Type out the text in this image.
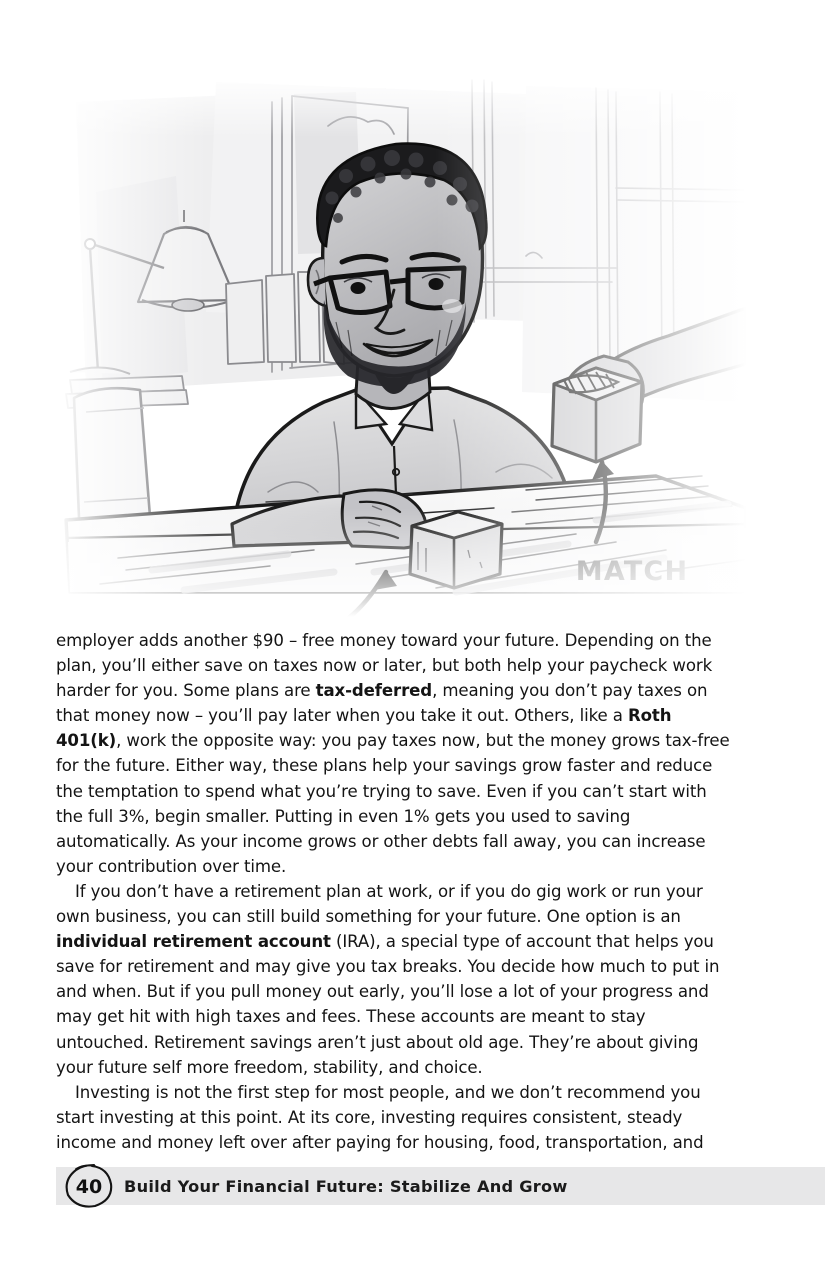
employer adds another $90 – free money toward your future. Depending on the plan, you’ll either save on taxes now or later, but both help your paycheck work harder for you. Some plans are tax-deferred, meaning you don’t pay taxes on that money now – you’ll pay later when you take it out. Others, like a Roth 401(k), work the opposite way: you pay taxes now, but the money grows tax-free for the future. Either way, these plans help your savings grow faster and reduce the temptation to spend what you’re trying to save. Even if you can’t start with the full 3%, begin smaller. Putting in even 1% gets you used to saving automatically. As your income grows or other debts fall away, you can increase your contribution over time.

If you don’t have a retirement plan at work, or if you do gig work or run your own business, you can still build something for your future. One option is an individual retirement account (IRA), a special type of account that helps you save for retirement and may give you tax breaks. You decide how much to put in and when. But if you pull money out early, you’ll lose a lot of your progress and may get hit with high taxes and fees. These accounts are meant to stay untouched. Retirement savings aren’t just about old age. They’re about giving your future self more freedom, stability, and choice.

Investing is not the first step for most people, and we don’t recommend you start investing at this point. At its core, investing requires consistent, steady income and money left over after paying for housing, food, transportation, and

40 Build Your Financial Future: Stabilize And Grow
